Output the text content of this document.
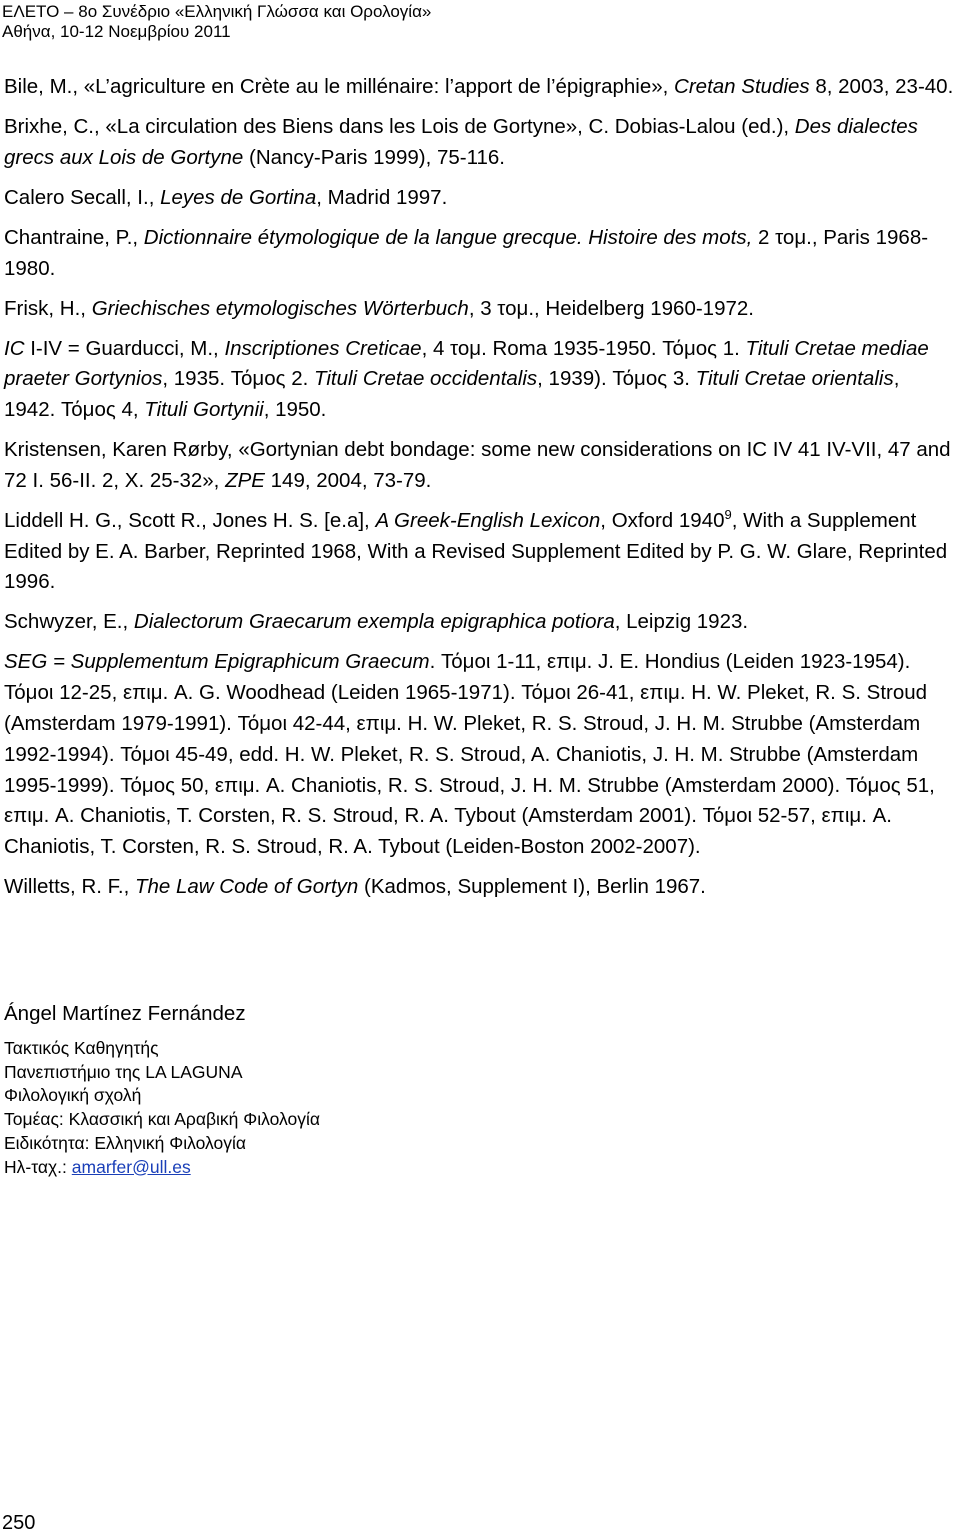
ΕΛΕΤΟ – 8ο Συνέδριο «Ελληνική Γλώσσα και Ορολογία»
Αθήνα, 10-12 Νοεμβρίου 2011
Bile, M., «L’agriculture en Crète au le millénaire: l’apport de l’épigraphie», Cretan Studies 8, 2003, 23-40.
Brixhe, C., «La circulation des Biens dans les Lois de Gortyne», C. Dobias-Lalou (ed.), Des dialectes grecs aux Lois de Gortyne (Nancy-Paris 1999), 75-116.
Calero Secall, I., Leyes de Gortina, Madrid 1997.
Chantraine, P., Dictionnaire étymologique de la langue grecque. Histoire des mots, 2 τομ., Paris 1968-1980.
Frisk, H., Griechisches etymologisches Wörterbuch, 3 τομ., Heidelberg 1960-1972.
IC I-IV = Guarducci, M., Inscriptiones Creticae, 4 τομ. Roma 1935-1950. Τόμος 1. Tituli Cretae mediae praeter Gortynios, 1935. Τόμος 2. Tituli Cretae occidentalis, 1939). Τόμος 3. Tituli Cretae orientalis, 1942. Τόμος 4, Tituli Gortynii, 1950.
Kristensen, Karen Rørby, «Gortynian debt bondage: some new considerations on IC IV 41 IV-VII, 47 and 72 I. 56-II. 2, X. 25-32», ZPE 149, 2004, 73-79.
Liddell H. G., Scott R., Jones H. S. [e.a], A Greek-English Lexicon, Oxford 1940$^9$, With a Supplement Edited by E. A. Barber, Reprinted 1968, With a Revised Supplement Edited by P. G. W. Glare, Reprinted 1996.
Schwyzer, E., Dialectorum Graecarum exempla epigraphica potiora, Leipzig 1923.
SEG = Supplementum Epigraphicum Graecum. Τόμοι 1-11, επιμ. J. E. Hondius (Leiden 1923-1954). Τόμοι 12-25, επιμ. A. G. Woodhead (Leiden 1965-1971). Τόμοι 26-41, επιμ. H. W. Pleket, R. S. Stroud (Amsterdam 1979-1991). Τόμοι 42-44, επιμ. H. W. Pleket, R. S. Stroud, J. H. M. Strubbe (Amsterdam 1992-1994). Τόμοι 45-49, edd. H. W. Pleket, R. S. Stroud, A. Chaniotis, J. H. M. Strubbe (Amsterdam 1995-1999). Τόμος 50, επιμ. A. Chaniotis, R. S. Stroud, J. H. M. Strubbe (Amsterdam 2000). Τόμος 51, επιμ. A. Chaniotis, T. Corsten, R. S. Stroud, R. A. Tybout (Amsterdam 2001). Τόμοι 52-57, επιμ. A. Chaniotis, T. Corsten, R. S. Stroud, R. A. Tybout (Leiden-Boston 2002-2007).
Willetts, R. F., The Law Code of Gortyn (Kadmos, Supplement I), Berlin 1967.
Ángel Martínez Fernández
Τακτικός Καθηγητής
Πανεπιστήμιο της LA LAGUNA
Φιλολογική σχολή
Τομέας: Κλασσική και Αραβική Φιλολογία
Ειδικότητα: Ελληνική Φιλολογία
Ηλ-ταχ.: amarfer@ull.es
250
